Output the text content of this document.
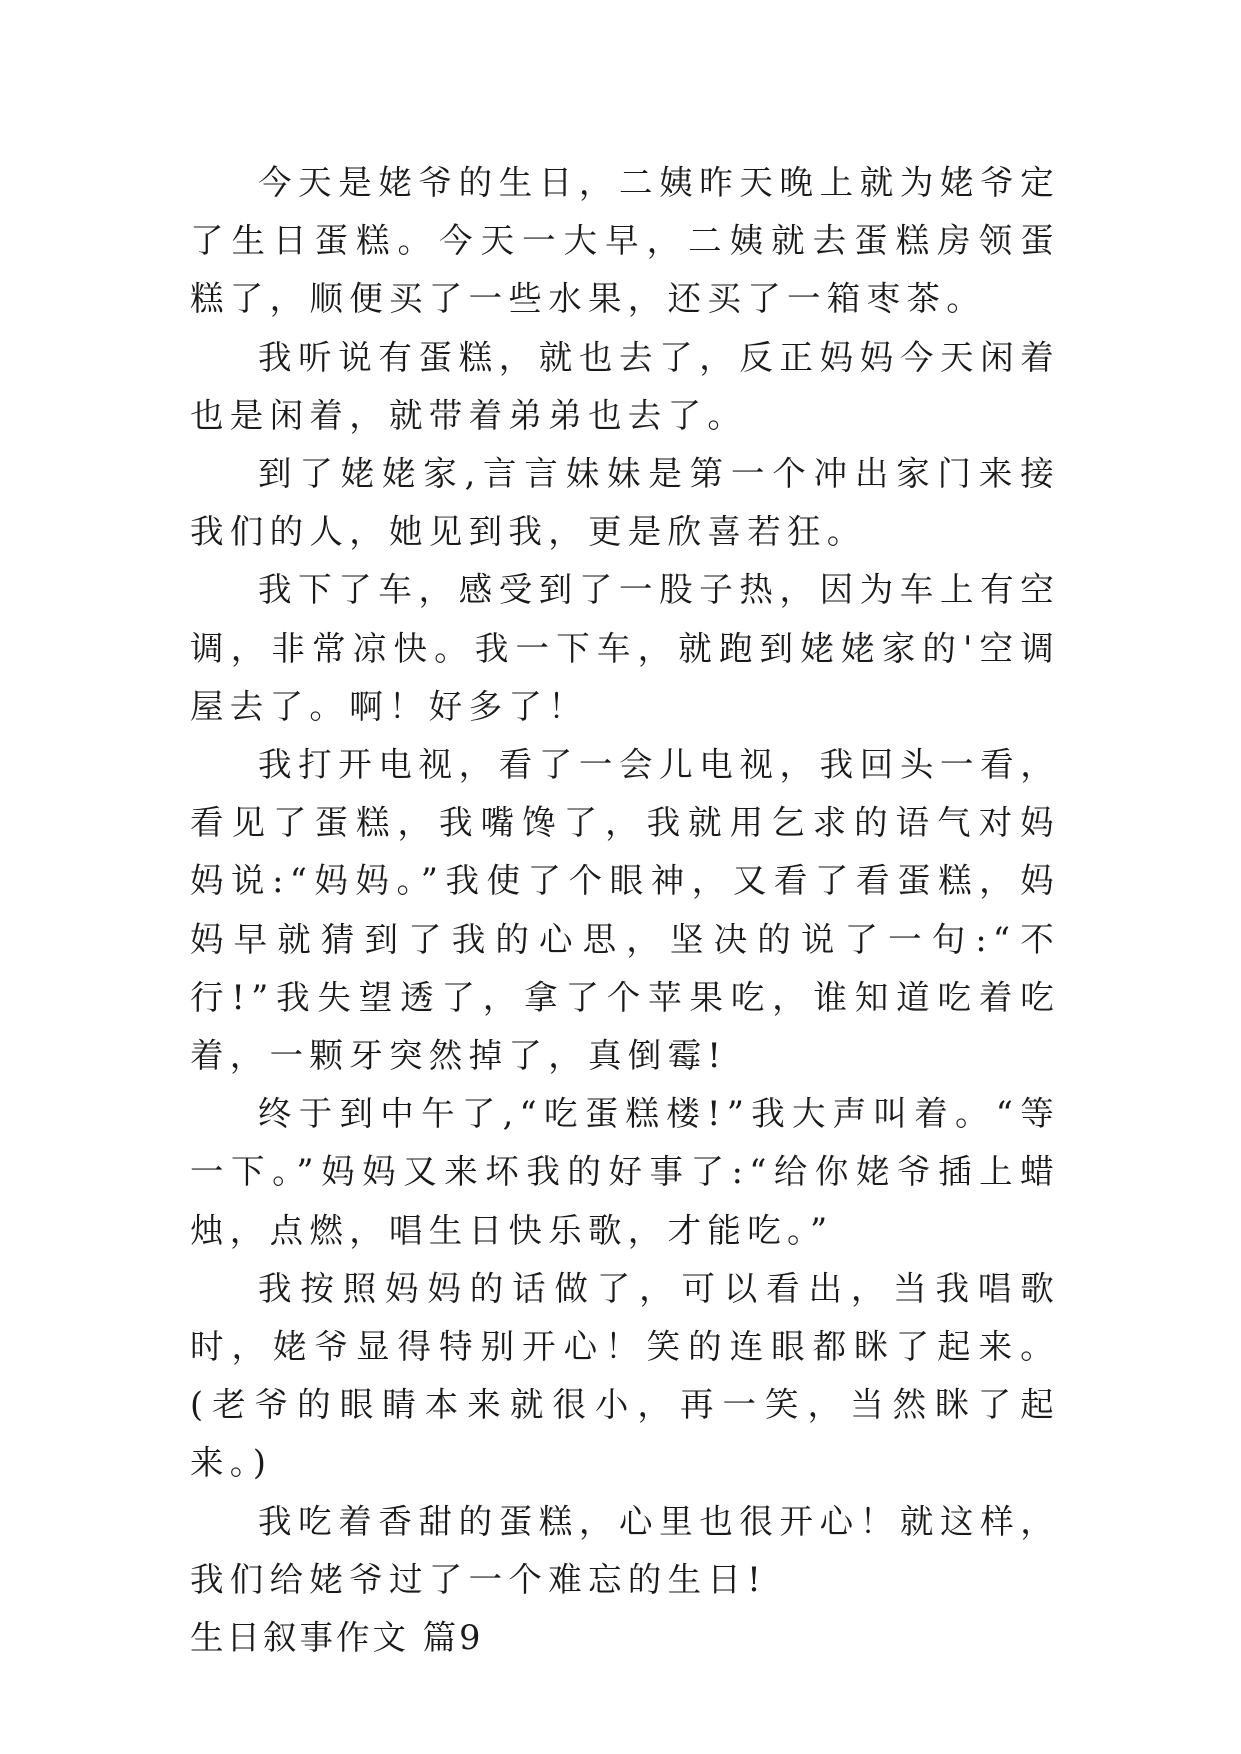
今天是姥爷的生日，二姨昨天晚上就为姥爷定了生日蛋糕。今天一大早，二姨就去蛋糕房领蛋糕了，顺便买了一些水果，还买了一箱枣茶。

我听说有蛋糕，就也去了，反正妈妈今天闲着也是闲着，就带着弟弟也去了。

到了姥姥家,言言妹妹是第一个冲出家门来接我们的人，她见到我，更是欣喜若狂。

我下了车，感受到了一股子热，因为车上有空调，非常凉快。我一下车，就跑到姥姥家的'空调屋去了。啊！好多了！

我打开电视，看了一会儿电视，我回头一看，看见了蛋糕，我嘴馋了，我就用乞求的语气对妈妈说:“妈妈。”我使了个眼神，又看了看蛋糕，妈妈早就猜到了我的心思，坚决的说了一句:“不行!”我失望透了，拿了个苹果吃，谁知道吃着吃着，一颗牙突然掉了，真倒霉!

终于到中午了,“吃蛋糕楼!”我大声叫着。“等一下。”妈妈又来坏我的好事了:“给你姥爷插上蜡烛，点燃，唱生日快乐歌，才能吃。”

我按照妈妈的话做了，可以看出，当我唱歌时，姥爷显得特别开心！笑的连眼都眯了起来。(老爷的眼睛本来就很小，再一笑，当然眯了起来。)

我吃着香甜的蛋糕，心里也很开心！就这样，我们给姥爷过了一个难忘的生日!

生日叙事作文 篇9
